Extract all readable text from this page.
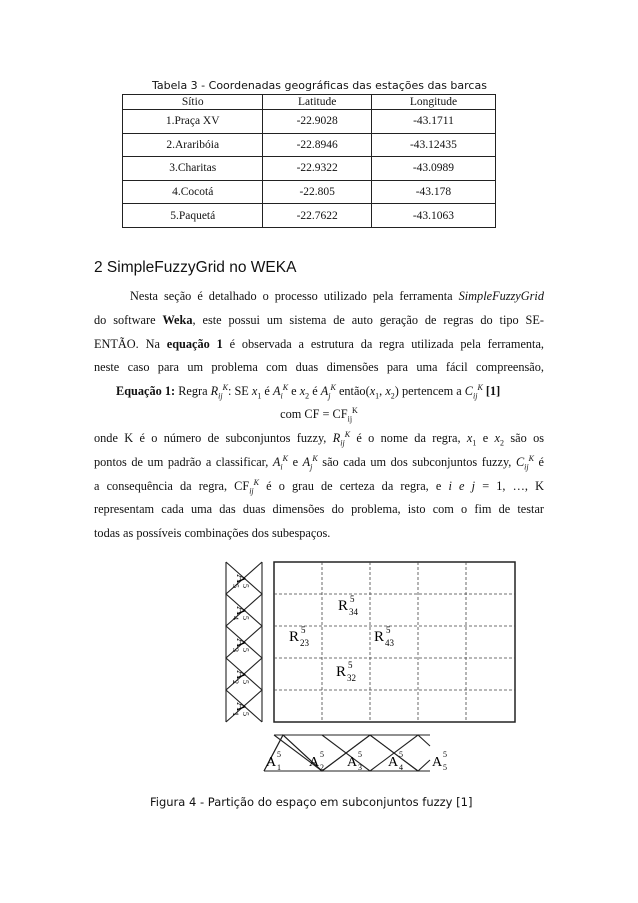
Tabela 3 - Coordenadas geográficas das estações das barcas
Sítio	Latitude	Longitude
1.Praça XV	-22.9028	-43.1711
2.Araribóia	-22.8946	-43.12435
3.Charitas	-22.9322	-43.0989
4.Cocotá	-22.805	-43.178
5.Paquetá	-22.7622	-43.1063
2 SimpleFuzzyGrid no WEKA
Nesta seção é detalhado o processo utilizado pela ferramenta SimpleFuzzyGrid
do software Weka, este possui um sistema de auto geração de regras do tipo SE-
ENTÃO. Na equação 1 é observada a estrutura da regra utilizada pela ferramenta,
neste caso para um problema com duas dimensões para uma fácil compreensão,
Equação 1: Regra $R_{ij}^K$: SE $x_1$ é $A_i^K$ e $x_2$ é $A_j^K$ $então(x_1$, $x_2$) pertencem a $C_{ij}^K$ [1]
com CF = $CF_{ij}^K$
onde K é o número de subconjuntos fuzzy, $R_{ij}^K$ é o nome da regra, $x_1$ e $x_2$ são os
pontos de um padrão a classificar, $A_i^K$ e $A_j^K$ são cada um dos subconjuntos fuzzy, $C_{ij}^K$ é
a consequência da regra, $CF_{ij}^K$ é o grau de certeza da regra, e i e j = 1, …, K
representam cada uma das duas dimensões do problema, isto com o fim de testar
todas as possíveis combinações dos subespaços.
R 5
34
R 5
23	R 5
43
R 5
32
A
5
5
A
5
4
A
5
3
A
5
2
A
5
1
A
5
1 A
5
2 A
5
3 A
5
4 A
5
5
Figura 4 - Partição do espaço em subconjuntos fuzzy [1]
